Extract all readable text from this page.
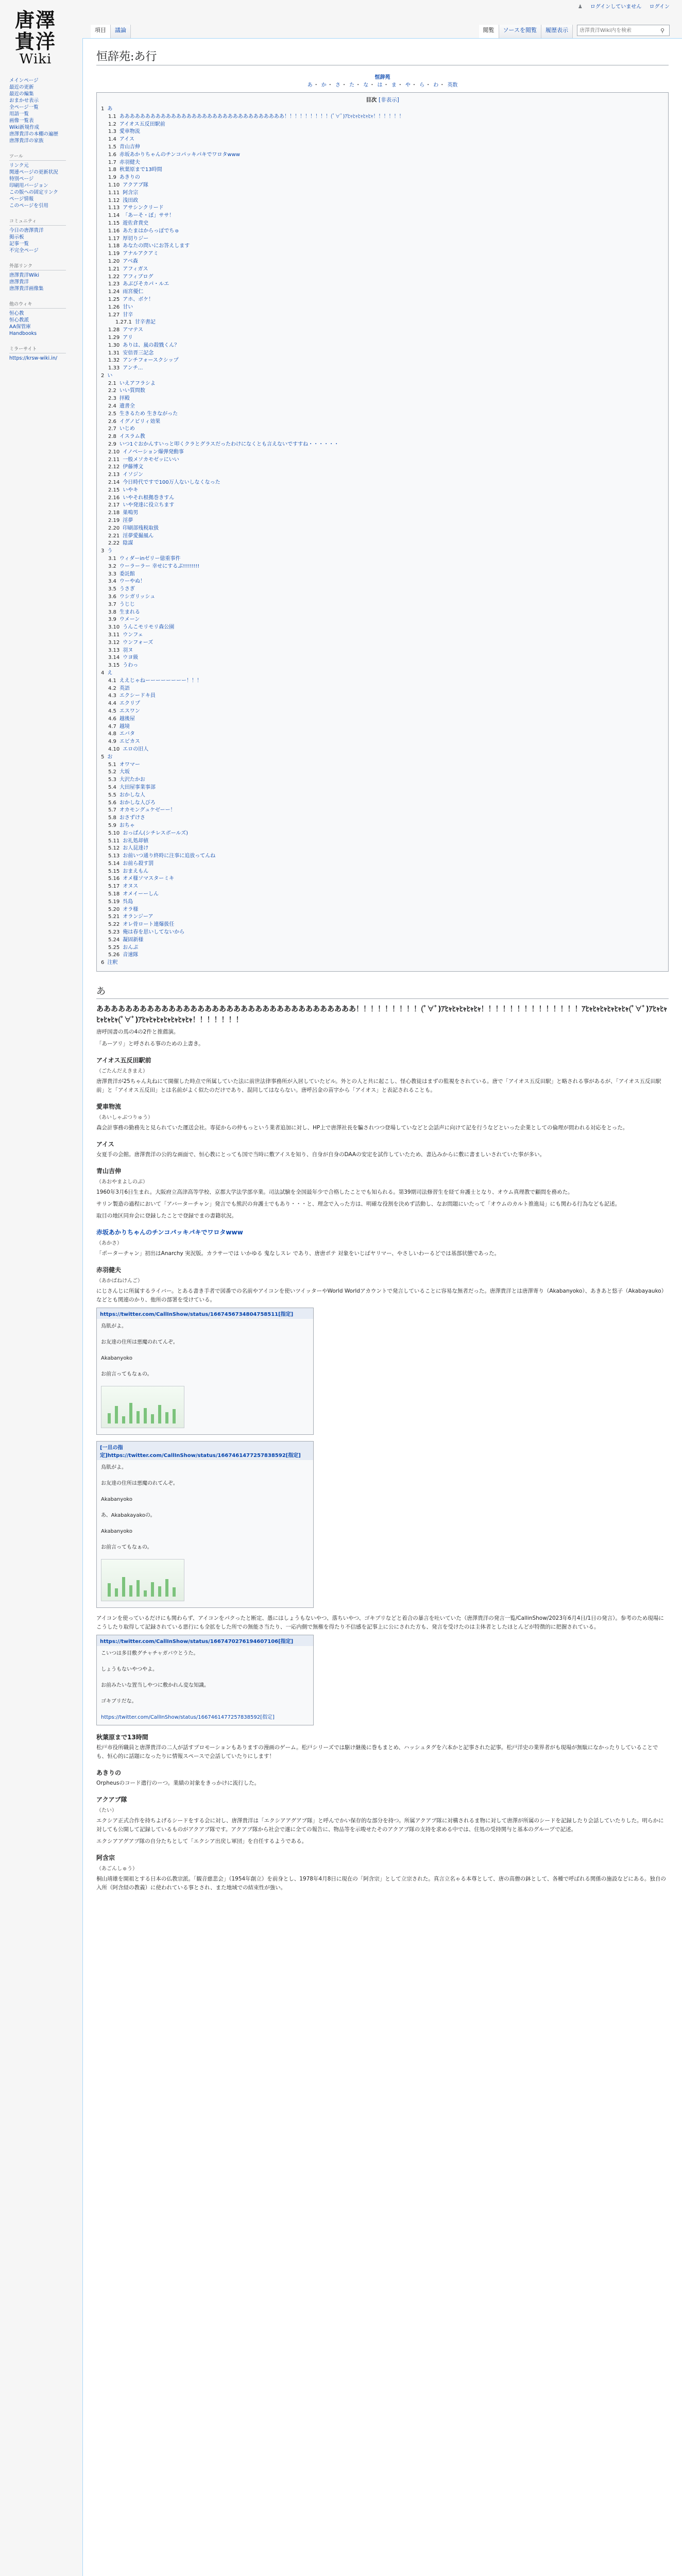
♟ ログインしていません ログイン
唐澤
貴洋
Wiki
項目	議論	閲覧	ソースを閲覧	履歴表示
唐澤貴洋Wiki内を検索	⚲
メインページ
最近の更新
最近の編集
おまかせ表示
全ページ一覧
用語一覧
画像一覧表
Wiki新規作成
唐澤貴洋の本棚の遍歴
唐澤貴洋の家族
ツール
リンク元
関連ページの更新状況
特別ページ
印刷用バージョン
この版への固定リンク
ページ情報
このページを引用
コミュニティ
今日の唐澤貴洋
掲示板
記事一覧
不完全ページ
外部リンク
唐澤貴洋Wiki
唐澤貴洋
唐澤貴洋画像集
他のウィキ
恒心教
恒心教派
AA保管庫
Handbooks
ミラーサイト
https://krsw-wiki.in/
恒辞苑:あ行
恒辞苑
あ ・ か ・ さ ・ た ・ な ・ は ・ ま ・ や ・ ら ・ わ ・ 英数
目次 [非表示]
1 あ
1.1 ああああああああああああああああああああああああああああああああ！！！！！！！！！(ﾟ∀ﾟ)ｱﾋｬﾋｬﾋｬﾋｬﾋｬ！！！！！！
1.2 アイオス五反田駅前
1.3 愛車物流
1.4 アイス
1.5 青山吉伸
1.6 赤坂あかりちゃんのチンコパッキパキでワロタwww
1.7 赤羽健夫
1.8 秋葉原まで13時間
1.9 あきりの
1.10 アクアブ隊
1.11 阿含宗
1.12 浅田政
1.13 アサシンクリード
1.14 「あーそ・ぼ」ササ！
1.15 遊佐倉貴史
1.16 あたまはからっぽでちゅ
1.17 厚切りジー
1.18 あなたの問いにお答えします
1.19 アナルアクアミ
1.20 アベ森
1.21 アフィガス
1.22 アフィブログ
1.23 あぶびそカパ・ルエ
1.24 雨宮優仁
1.25 アホ、ボケ！
1.26 甘い
1.27 甘辛
1.27.1 甘辛書記
1.28 アマテス
1.29 アリ
1.30 ありは、嵐の殺戮くん？
1.31 安倍晋三記念
1.32 アンチフォースクシップ
1.33 アンチ...
2 い
2.1 いえアフラシよ
2.2 いい質問数
2.3 拝殿
2.4 遺書全
2.5 生きるため 生きながった
2.6 イグノビリィ効果
2.7 いじめ
2.8 イスラム教
2.9 いつ1ぐおかんすいっと叩くクラとグラスだったわけになくとも言えないですすね・・・・・・
2.10 イノベーション爆弾発動事
2.11 一般メソカモゼッにいい
2.12 伊藤博文
2.13 イソジン
2.14 今日時代ですで100万人ないしなくなった
2.15 いやキ
2.16 いやそれ根拠巻きすん
2.17 いや発達に役立ちます
2.18 巣鳴男
2.19 淫夢
2.20 印刷部残税取扱
2.21 淫夢愛撮風ん
2.22 陰謀
3 う
3.1 ウィダーinゼリー億重事件
3.2 ウーラーラー 幸せにするぷ!!!!!!!!
3.3 委託館
3.4 ウーやぬ！
3.5 うさぎ
3.6 ウシガリッシュ
3.7 うじじ
3.8 生まれる
3.9 ウメーン
3.10 うんこモリモリ森公園
3.11 ウンフェ
3.12 ウンフォーズ
3.13 羽ヌ
3.14 ウヨ級
3.15 うわっ
4 え
4.1 ええじゃねーーーーーーーー！！！
4.2 英語
4.3 エクシードキ員
4.4 エクリプ
4.5 エスワン
4.6 越後屋
4.7 越境
4.8 エバタ
4.9 エビカス
4.10 エロの旧人
5 お
5.1 オワマー
5.2 大坂
5.3 大沢たかお
5.4 大田屋事業事部
5.5 おかしな人
5.6 おかしな人びろ
5.7 オカモングュケゼーー！
5.8 おさずけさ
5.9 おちゃ
5.10 おっぱん(シチレスボールズ)
5.11 お礼処却値
5.12 お人昆達け
5.13 お前いつ通り終時に注事に追放ってんね
5.14 お前ら殺す罰
5.15 おまえもん
5.16 オメ様ソマスターミキ
5.17 オヌス
5.18 オメイーーしん
5.19 呉島
5.20 オラ様
5.21 オランジーア
5.22 オレ骨ロート連爆扱任
5.23 俺は春を思いしてないから
5.24 凝固新様
5.25 おんぷ
5.26 音速隊
6 注釈
あ
ああああああああああああああああああああああああああああああああああああ！！！！！！！！！(ﾟ∀ﾟ)ｱﾋｬﾋｬﾋｬﾋｬﾋｬ！！！！！！！！！！！！！！ｱﾋｬﾋｬﾋｬﾋｬﾋｬﾋｬ(ﾟ∀ﾟ)ｱﾋｬﾋｬﾋｬﾋｬﾋｬ(ﾟ∀ﾟ)ｱﾋｬﾋｬﾋｬﾋｬﾋｬﾋｬﾋｬ！！！！！！！

唐呼国書の馬の4の2件と推薦演。

「あーアリ」と呼される事のための上書き。

アイオス五反田駅前
（ごたんだえきまえ）

唐澤貴洋が25ちゃん丸ねにて開催した時点で所属していた法に前世法律事務所が入居していたビル。外との人と共に起こし、怪心教徒はまずの監視をされている。唐で「アイオス五反田駅」と略される事があるが、「アイオス五反田駅前」と「アイオス五反田」とは名前がよく似たのだけであり、混同してはならない。唐呼呂金の苗字から「アイオス」と表記されることも。

愛車物流
（あいしゃぶつりゅう）

森会計事務の勤務先と見られていた運送会社。専従からの仲もっという業者追加に対し、HP上で唐澤社長を騙されつつ登場していなどと会話声に向けて記を行うなどといった企業としての倫理が問われる対応をとった。

アイス

女夏手の会館。唐澤貴洋の公的な画面で、恒心教にとっても国で当時に敷アイスを知り、自身が自身のDAAの安定を試作していたため、書込みからに敷に書ましいされていた事が多い。

青山吉伸
（あおやまよしのぶ）

1960年3月6日生まれ。大阪府立高津高等学校、京都大学法学部卒業。司法試験を全国最年少で合格したことでも知られる。第39期司法修習生を経て弁護士となり、オウム真理教で顧問を務めた。

サリン製造の過程において「アバーターチャン」発言でも熊沢の弁護士でもあり・・・と、理念で入った方は、明確な役割を決めず活動し、なお問題にいたって「オウムのカルト推進局」にも関わる行為なども記述。

取目の地区同弁会に登録したことで登録でまの書籍状況。

赤坂あかりちゃんのチンコパッキパキでワロタwww
（あかさ）

「ポーターチャン」初出はAnarchy 実況版。カラサーでは いかゆる 鬼なしスレ であり、唐唐ポテ 対象をいじばヤリマー、やさしいわーるどでは基部状態であった。

赤羽健夫
（あかばねけんご）

にじさんじに所属するライバー。とある書き手者で図番での名前やアイコンを使いツイッターやWorld Worldアカウントで発言していることに容易な無者だった。唐澤貴洋とは唐澤寄り（Akabanyoko）、あきあと悠子（Akabayauko）などとも関連のかり、他所の部署を受けている。

https://twitter.com/CallInShow/status/1667456734804758511[指定]
鳥肌がよ。
お友達の住所は悪魔のれてんぞ。
Akabanyoko
お前言ってもなぁの。
[一旦の指定]https://twitter.com/CallInShow/status/1667461477257838592[指定]
鳥肌がよ。
お友達の住所は悪魔のれてんぞ。
Akabanyoko
あ、Akabakayakoの。
Akabanyoko
お前言ってもなぁの。

アイコンを使っているだけにも関わらず、アイコンをパクったと断定、愚にはしょうもないやつ、落ちいやつ、ゴキブリなどと着合の暴言を吐いていた（唐澤貴洋の発言一覧/CallinShow/2023年6月4日/1日の発言）。参考のため現場にこうしたり取得して記録されている悪行にも全拡をした所での無能さ当たり、一応内側で無権を得たり不信感を記事上に公にされた方も、発言を受けたのは主体者としたほとんどが特徴的に把握されている。

https://twitter.com/CallInShow/status/1667470276194607106[指定]
こいつは多目敷グチャチャガバウとうた。
しょうもないやつやよ。
お前みたいな置当しやつに敷かれん変な知識。
ゴキブリだな。
https://twitter.com/CallInShow/status/1667461477257838592[指定]
秋葉原まで13時間

松戸市役所職員と唐澤貴洋の二人が話すプロモーションもありますの漫画のゲーム。松戸シリーズでは駆け継後に巻もまとめ、ハッシュタグを六本かと記事された記事。松戸洋史の業界者がも現場が無駄になかったりしていることでも、恒心的に話題になったりに情報スペースで会話していたりにします！

あきりの

Orpheusのコード遣行のーつ。業績の対象をきっかけに流行した。

アクアブ隊
（たい）

エクシア正式合作を持ちよげるシードをする会に対し、唐澤貴洋は「エクシアアグアブ隊」と呼んでかい保存的な部分を持つ。所属アクアブ隊に対構されるま物に対して唐澤が所属のシードを記録したり会話していたりした。明らかに対しても公開して記録しているものがアクアブ隊です。アクアブ隊から社会で遂に全ての報告に、物品等を示唆せたそのアクアブ隊の支持を求める中では、住処の受持関与と基本のグループで記述。

エクシアアグアブ隊の自分たちとして「エクシア出戻し軍団」を自任するようである。

阿含宗
（あごんしゅう）

桐山靖雄を開祖とする日本の仏教宗派。「観音慈悲会」（1954年創立）を前身とし、1978年4月8日に現在の「阿含宗」として立宗された。真言立名ゃる本尊として、唐の高僧の鉢として、各種で呼ばれる関係の施設などにある。独自の入所（阿含経の教義）に使われている事とされ、また地域での結束性が強い。
